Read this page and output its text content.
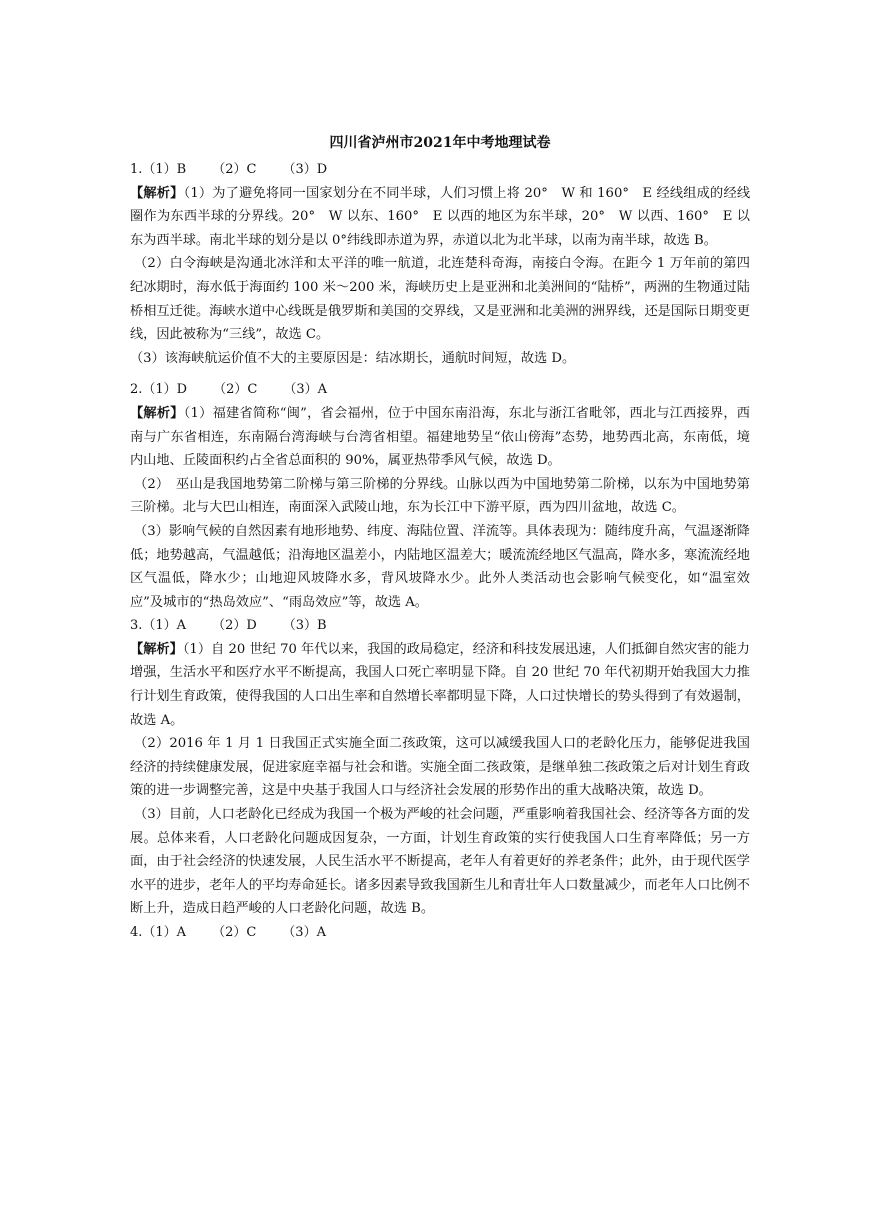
四川省泸州市2021年中考地理试卷
1.（1）B （2）C （3）D

【解析】（1）为了避免将同一国家划分在不同半球，人们习惯上将 20°　W 和 160°　E 经线组成的经线圈作为东西半球的分界线。20°　W 以东、160°　E 以西的地区为东半球，20°　W 以西、160°　E 以东为西半球。南北半球的划分是以 0°纬线即赤道为界，赤道以北为北半球，以南为南半球，故选 B。

（2）白令海峡是沟通北冰洋和太平洋的唯一航道，北连楚科奇海，南接白令海。在距今 1 万年前的第四纪冰期时，海水低于海面约 100 米～200 米，海峡历史上是亚洲和北美洲间的“陆桥”，两洲的生物通过陆桥相互迁徙。海峡水道中心线既是俄罗斯和美国的交界线，又是亚洲和北美洲的洲界线，还是国际日期变更线，因此被称为“三线”，故选 C。

（3）该海峡航运价值不大的主要原因是：结冰期长，通航时间短，故选 D。

2.（1）D （2）C （3）A

【解析】（1）福建省简称“闽”，省会福州，位于中国东南沿海，东北与浙江省毗邻，西北与江西接界，西南与广东省相连，东南隔台湾海峡与台湾省相望。福建地势呈“依山傍海”态势，地势西北高，东南低，境内山地、丘陵面积约占全省总面积的 90%，属亚热带季风气候，故选 D。

（2）　巫山是我国地势第二阶梯与第三阶梯的分界线。山脉以西为中国地势第二阶梯，以东为中国地势第三阶梯。北与大巴山相连，南面深入武陵山地，东为长江中下游平原，西为四川盆地，故选 C。

（3）影响气候的自然因素有地形地势、纬度、海陆位置、洋流等。具体表现为：随纬度升高，气温逐渐降低；地势越高，气温越低；沿海地区温差小，内陆地区温差大；暖流流经地区气温高，降水多，寒流流经地区气温低，降水少；山地迎风坡降水多，背风坡降水少。此外人类活动也会影响气候变化，如“温室效应”及城市的“热岛效应”、“雨岛效应”等，故选 A。

3.（1）A （2）D （3）B

【解析】（1）自 20 世纪 70 年代以来，我国的政局稳定，经济和科技发展迅速，人们抵御自然灾害的能力增强，生活水平和医疗水平不断提高，我国人口死亡率明显下降。自 20 世纪 70 年代初期开始我国大力推行计划生育政策，使得我国的人口出生率和自然增长率都明显下降，人口过快增长的势头得到了有效遏制，故选 A。

（2）2016 年 1 月 1 日我国正式实施全面二孩政策，这可以减缓我国人口的老龄化压力，能够促进我国经济的持续健康发展，促进家庭幸福与社会和谐。实施全面二孩政策，是继单独二孩政策之后对计划生育政策的进一步调整完善，这是中央基于我国人口与经济社会发展的形势作出的重大战略决策，故选 D。

（3）目前，人口老龄化已经成为我国一个极为严峻的社会问题，严重影响着我国社会、经济等各方面的发展。总体来看，人口老龄化问题成因复杂，一方面，计划生育政策的实行使我国人口生育率降低；另一方面，由于社会经济的快速发展，人民生活水平不断提高，老年人有着更好的养老条件；此外，由于现代医学水平的进步，老年人的平均寿命延长。诸多因素导致我国新生儿和青壮年人口数量减少，而老年人口比例不断上升，造成日趋严峻的人口老龄化问题，故选 B。

4.（1）A （2）C （3）A
